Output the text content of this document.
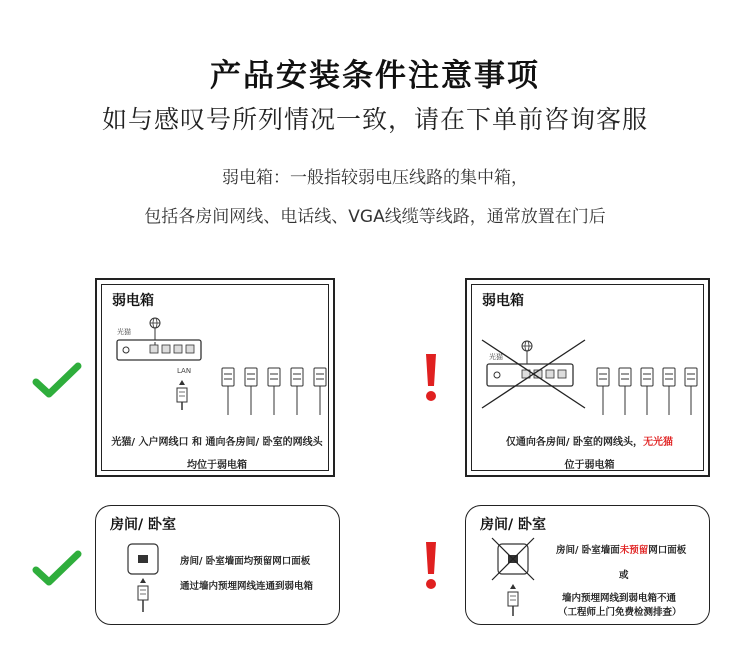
产品安装条件注意事项
如与感叹号所列情况一致，请在下单前咨询客服
弱电箱：一般指较弱电压线路的集中箱，
包括各房间网线、电话线、VGA线缆等线路，通常放置在门后
弱电箱
光猫
LAN
光猫/ 入户网线口 和 通向各房间/ 卧室的网线头
均位于弱电箱
弱电箱
光猫
仅通向各房间/ 卧室的网线头，无光猫
位于弱电箱
房间/ 卧室
房间/ 卧室墙面均预留网口面板
通过墙内预埋网线连通到弱电箱
房间/ 卧室
房间/ 卧室墙面未预留网口面板
或
墙内预埋网线到弱电箱不通
（工程师上门免费检测排查）
